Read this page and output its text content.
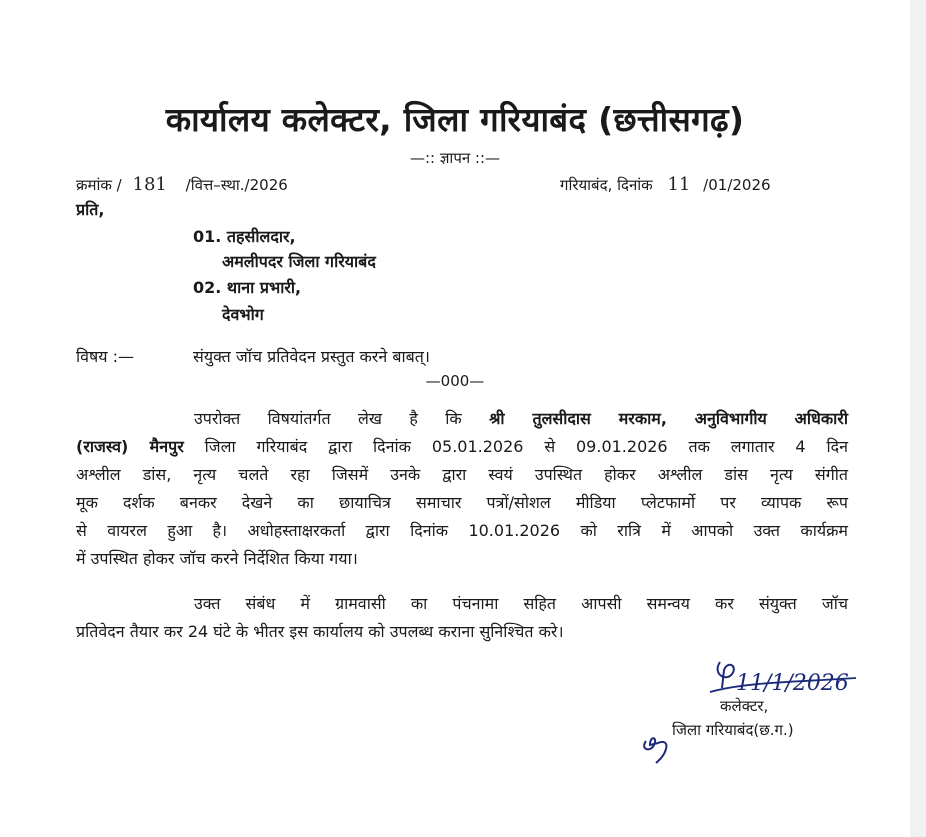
कार्यालय कलेक्टर, जिला गरियाबंद (छत्तीसगढ़)
—:: ज्ञापन ::—
क्रमांक / 181 /वित्त–स्था./2026	गरियाबंद, दिनांक 11 /01/2026
प्रति,
01. तहसीलदार,
अमलीपदर जिला गरियाबंद
02. थाना प्रभारी,
देवभोग
विषय :—	संयुक्त जॉच प्रतिवेदन प्रस्तुत करने बाबत्।
—000—
उपरोक्त विषयांतर्गत लेख है कि श्री तुलसीदास मरकाम, अनुविभागीय अधिकारी
(राजस्व) मैनपुर जिला गरियाबंद द्वारा दिनांक 05.01.2026 से 09.01.2026 तक लगातार 4 दिन
अश्लील डांस, नृत्य चलते रहा जिसमें उनके द्वारा स्वयं उपस्थित होकर अश्लील डांस नृत्य संगीत
मूक दर्शक बनकर देखने का छायाचित्र समाचार पत्रों/सोशल मीडिया प्लेटफार्मो पर व्यापक रूप
से वायरल हुआ है। अधोहस्ताक्षरकर्ता द्वारा दिनांक 10.01.2026 को रात्रि में आपको उक्त कार्यक्रम
में उपस्थित होकर जॉच करने निर्देशित किया गया।
उक्त संबंध में ग्रामवासी का पंचनामा सहित आपसी समन्वय कर संयुक्त जॉच
प्रतिवेदन तैयार कर 24 घंटे के भीतर इस कार्यालय को उपलब्ध कराना सुनिश्चित करे।
11/1/2026
कलेक्टर,
जिला गरियाबंद(छ.ग.)
